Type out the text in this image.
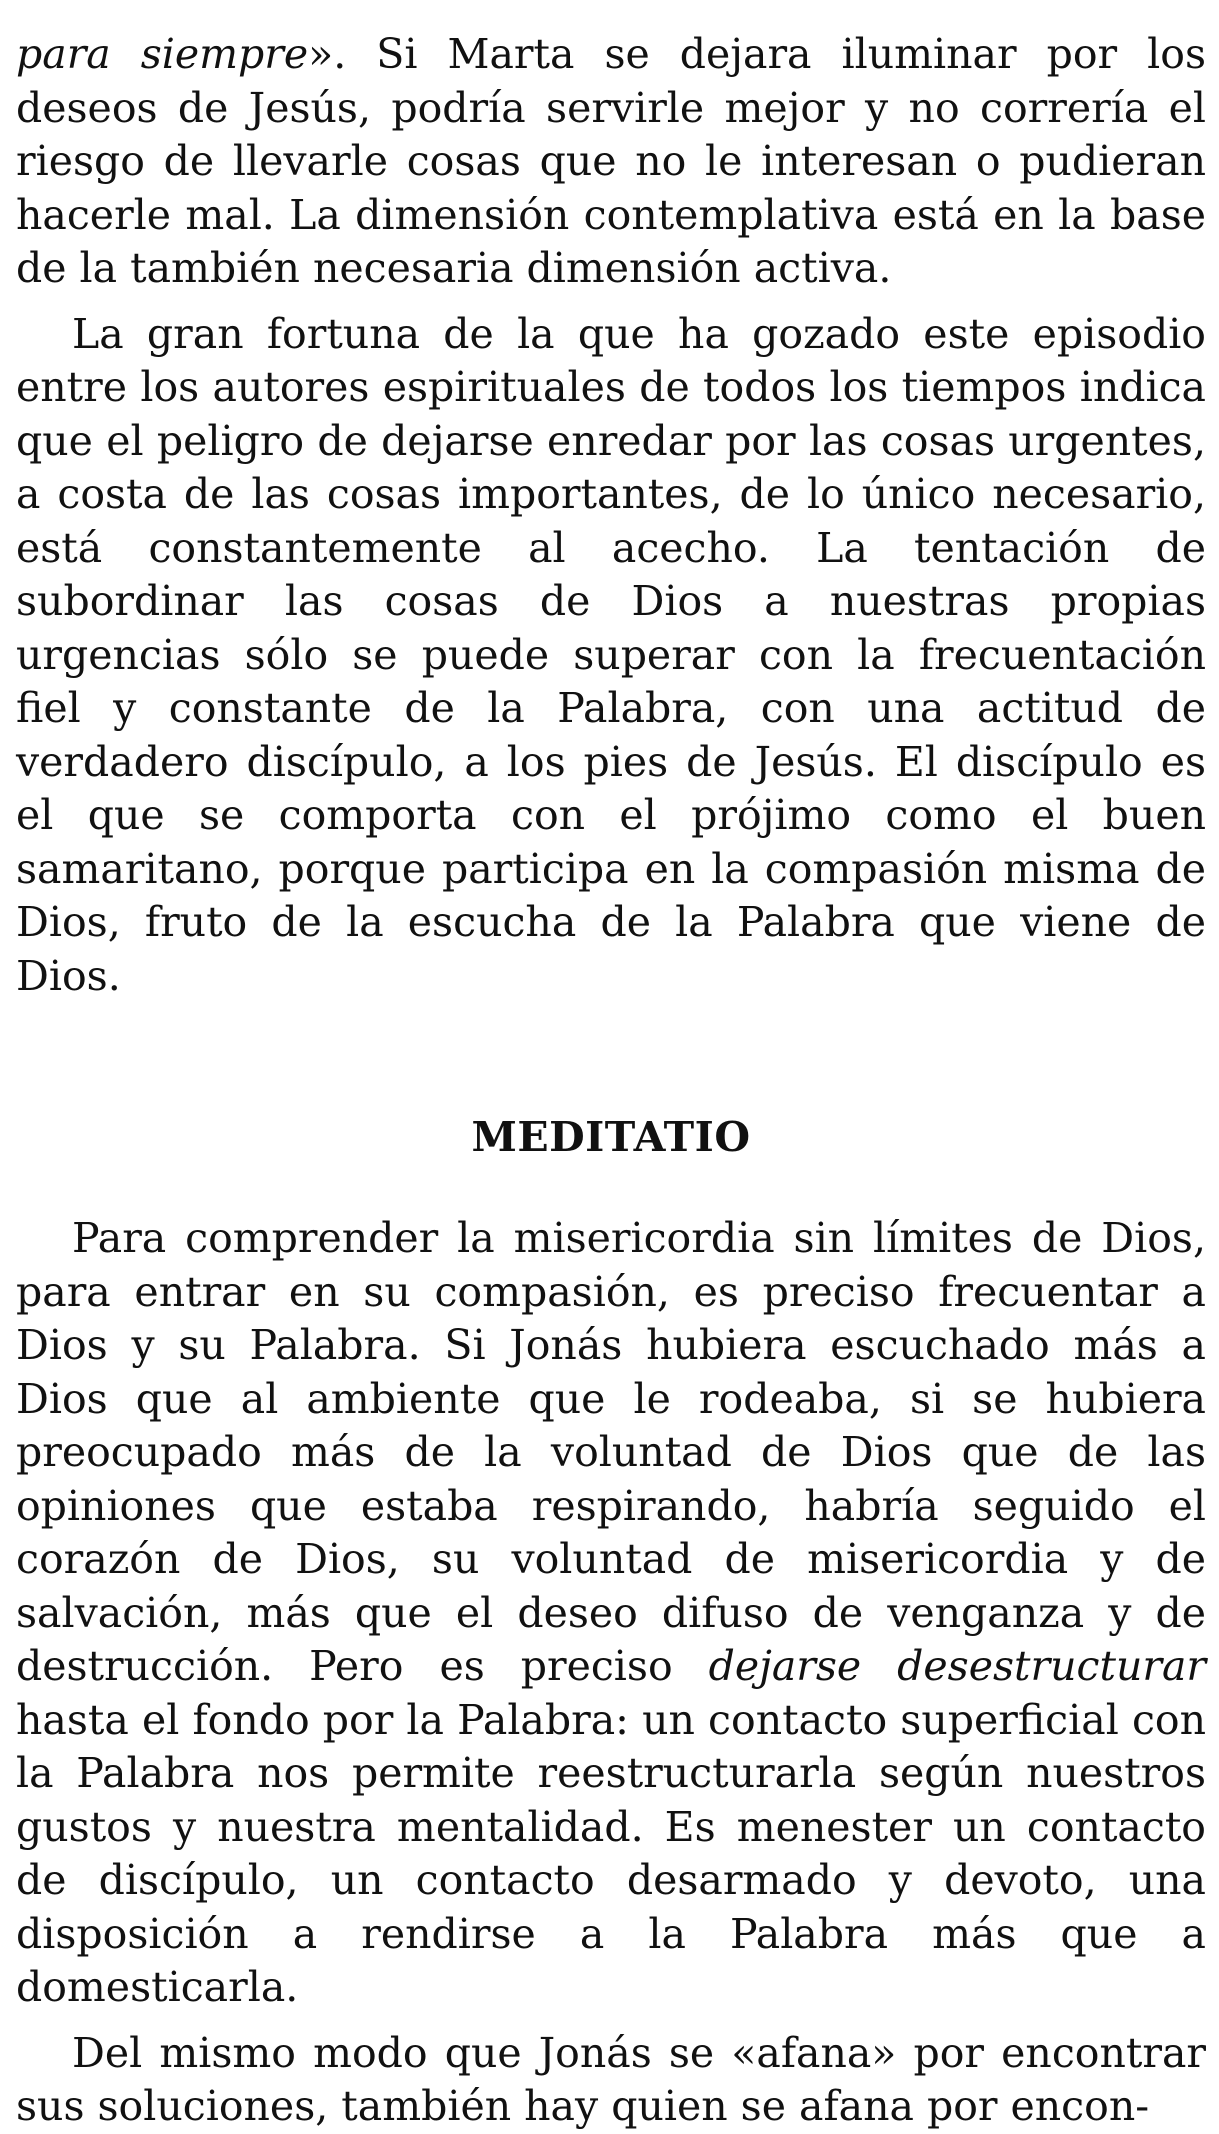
para siempre». Si Marta se dejara iluminar por los deseos de Jesús, podría servirle mejor y no correría el riesgo de llevarle cosas que no le interesan o pudieran hacerle mal. La dimensión contemplativa está en la base de la también necesaria dimensión activa.

La gran fortuna de la que ha gozado este episodio entre los autores espirituales de todos los tiempos indica que el peligro de dejarse enredar por las cosas urgentes, a costa de las cosas importantes, de lo único necesario, está constantemente al acecho. La tentación de subordinar las cosas de Dios a nuestras propias urgencias sólo se puede superar con la frecuentación fiel y constante de la Palabra, con una actitud de verdadero discípulo, a los pies de Jesús. El discípulo es el que se comporta con el prójimo como el buen samaritano, porque participa en la compasión misma de Dios, fruto de la escucha de la Palabra que viene de Dios.

MEDITATIO

Para comprender la misericordia sin límites de Dios, para entrar en su compasión, es preciso frecuentar a Dios y su Palabra. Si Jonás hubiera escuchado más a Dios que al ambiente que le rodeaba, si se hubiera preocupado más de la voluntad de Dios que de las opiniones que estaba respirando, habría seguido el corazón de Dios, su voluntad de misericordia y de salvación, más que el deseo difuso de venganza y de destrucción. Pero es preciso dejarse desestructurar hasta el fondo por la Palabra: un contacto superficial con la Palabra nos permite reestructurarla según nuestros gustos y nuestra mentalidad. Es menester un contacto de discípulo, un contacto desarmado y devoto, una disposición a rendirse a la Palabra más que a domesticarla.

Del mismo modo que Jonás se «afana» por encontrar sus soluciones, también hay quien se afana por encon-
